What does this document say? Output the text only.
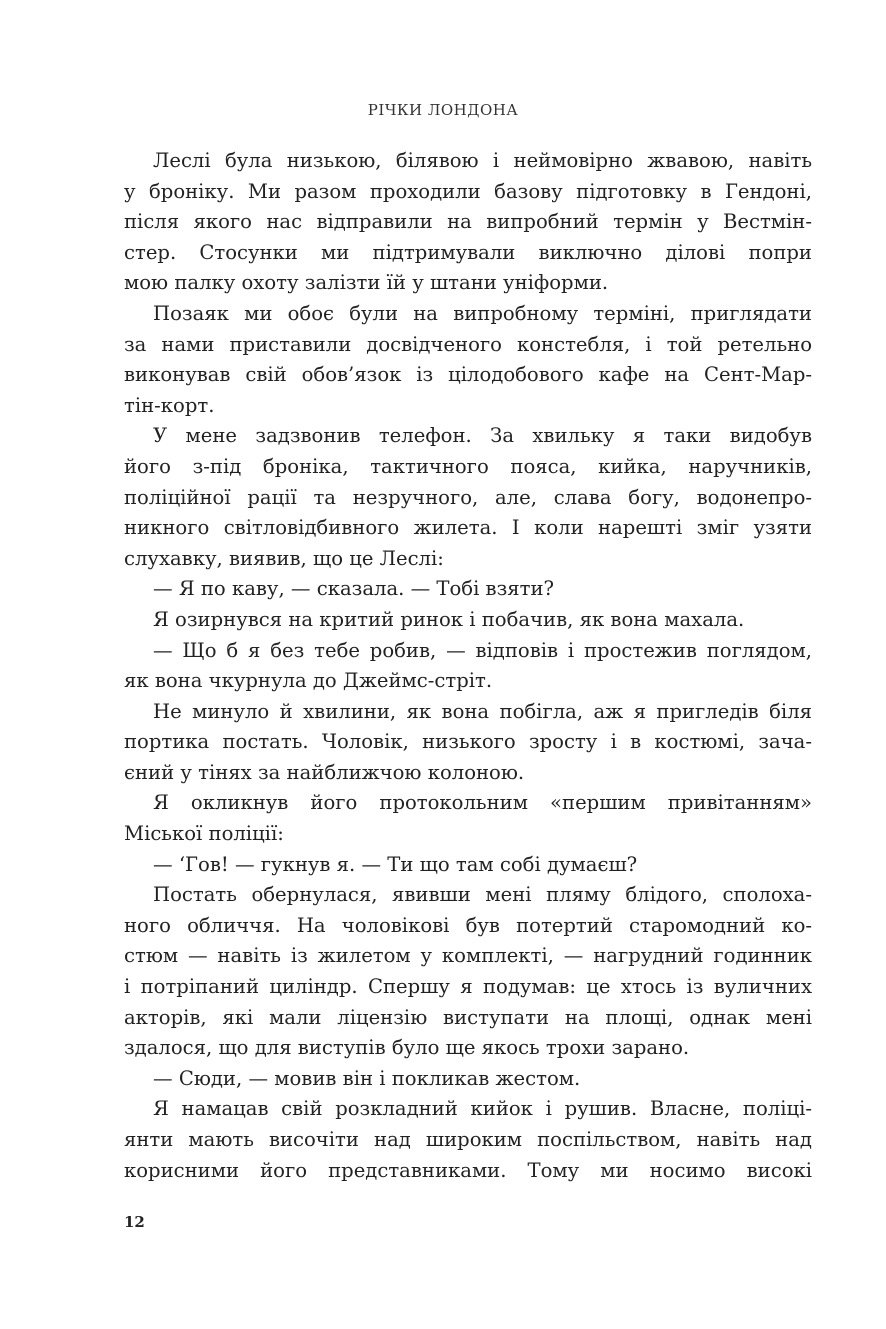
РІЧКИ ЛОНДОНА
Леслі була низькою, білявою і неймовірно жвавою, навіть
у броніку. Ми разом проходили базову підготовку в Гендоні,
після якого нас відправили на випробний термін у Вестмін-
стер. Стосунки ми підтримували виключно ділові попри
мою палку охоту залізти їй у штани уніформи.
Позаяк ми обоє були на випробному терміні, приглядати
за нами приставили досвідченого констебля, і той ретельно
виконував свій обов’язок із цілодобового кафе на Сент-Мар-
тін-корт.
У мене задзвонив телефон. За хвильку я таки видобув
його з-під броніка, тактичного пояса, кийка, наручників,
поліційної рації та незручного, але, слава богу, водонепро-
никного світловідбивного жилета. І коли нарешті зміг узяти
слухавку, виявив, що це Леслі:
— Я по каву, — сказала. — Тобі взяти?
Я озирнувся на критий ринок і побачив, як вона махала.
— Що б я без тебе робив, — відповів і простежив поглядом,
як вона чкурнула до Джеймс-стріт.
Не минуло й хвилини, як вона побігла, аж я пригледів біля
портика постать. Чоловік, низького зросту і в костюмі, зача-
єний у тінях за найближчою колоною.
Я окликнув його протокольним «першим привітанням»
Міської поліції:
— ‘Гов! — гукнув я. — Ти що там собі думаєш?
Постать обернулася, явивши мені пляму блідого, сполоха-
ного обличчя. На чоловікові був потертий старомодний ко-
стюм — навіть із жилетом у комплекті, — нагрудний годинник
і потріпаний циліндр. Спершу я подумав: це хтось із вуличних
акторів, які мали ліцензію виступати на площі, однак мені
здалося, що для виступів було ще якось трохи зарано.
— Сюди, — мовив він і покликав жестом.
Я намацав свій розкладний кийок і рушив. Власне, поліці-
янти мають височіти над широким поспільством, навіть над
корисними його представниками. Тому ми носимо високі
12
